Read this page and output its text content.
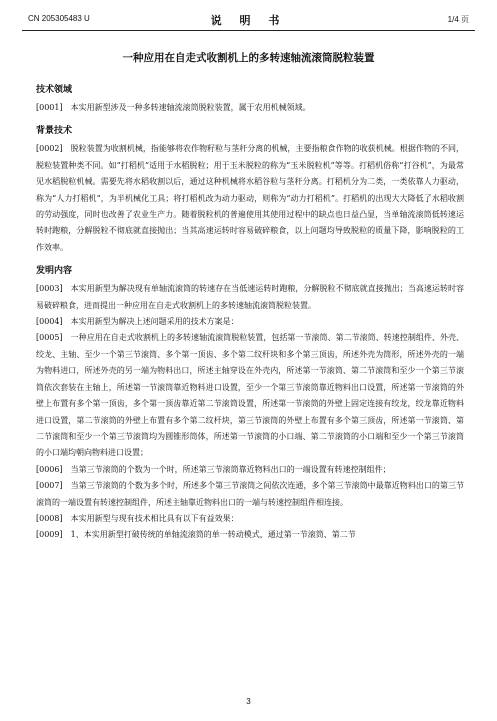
CN 205305483 U	说 明 书	1/4 页
一种应用在自走式收割机上的多转速轴流滚筒脱粒装置
技术领域

[0001] 本实用新型涉及一种多转速轴流滚筒脱粒装置，属于农用机械领域。

背景技术

[0002] 脱粒装置为收割机械，指能够将农作物籽粒与茎秆分离的机械，主要指粮食作物的收获机械。根据作物的不同，脱粒装置种类不同。如“打稻机”适用于水稻脱粒；用于玉米脱粒的称为“玉米脱粒机”等等。打稻机俗称“打谷机”，为最常见水稻脱粒机械。需要先将水稻收割以后，通过这种机械将水稻谷粒与茎秆分离。打稻机分为二类，一类依靠人力驱动，称为“人力打稻机”，为半机械化工具；将打稻机改为动力驱动，则称为“动力打稻机”。打稻机的出现大大降低了水稻收割的劳动强度，同时也改善了农业生产力。随着脱粒机的普遍使用其使用过程中的缺点也日益凸显，当单轴流滚筒低转速运转时跑粮，分解脱粒不彻底就直接抛出；当其高速运转时容易破碎粮食，以上问题均导致脱粒的质量下降，影响脱粒的工作效率。

发明内容

[0003] 本实用新型为解决现有单轴流滚筒的转速存在当低速运转时跑粮，分解脱粒不彻底就直接抛出；当高速运转时容易破碎粮食，进而提出一种应用在自走式收割机上的多转速轴流滚筒脱粒装置。

[0004] 本实用新型为解决上述问题采用的技术方案是：

[0005] 一种应用在自走式收割机上的多转速轴流滚筒脱粒装置，包括第一节滚筒、第二节滚筒、转速控制组件、外壳、绞龙、主轴、至少一个第三节滚筒、多个第一顶齿、多个第二纹杆块和多个第三顶齿，所述外壳为筒形，所述外壳的一端为物料进口，所述外壳的另一端为物料出口，所述主轴穿设在外壳内，所述第一节滚筒、第二节滚筒和至少一个第三节滚筒依次套装在主轴上，所述第一节滚筒靠近物料进口设置，至少一个第三节滚筒靠近物料出口设置，所述第一节滚筒的外壁上布置有多个第一顶齿，多个第一顶齿靠近第二节滚筒设置，所述第一节滚筒的外壁上固定连接有绞龙，绞龙靠近物料进口设置，第二节滚筒的外壁上布置有多个第二纹杆块，第三节滚筒的外壁上布置有多个第三顶齿，所述第一节滚筒、第二节滚筒和至少一个第三节滚筒均为圆锥形筒体，所述第一节滚筒的小口端、第二节滚筒的小口端和至少一个第三节滚筒的小口端均朝向物料进口设置；

[0006] 当第三节滚筒的个数为一个时，所述第三节滚筒靠近物料出口的一端设置有转速控制组件；

[0007] 当第三节滚筒的个数为多个时，所述多个第三节滚筒之间依次连通，多个第三节滚筒中最靠近物料出口的第三节滚筒的一端设置有转速控制组件，所述主轴靠近物料出口的一端与转速控制组件相连接。

[0008] 本实用新型与现有技术相比具有以下有益效果：

[0009] 1、本实用新型打破传统的单轴流滚筒的单一转动模式，通过第一节滚筒、第二节

3
